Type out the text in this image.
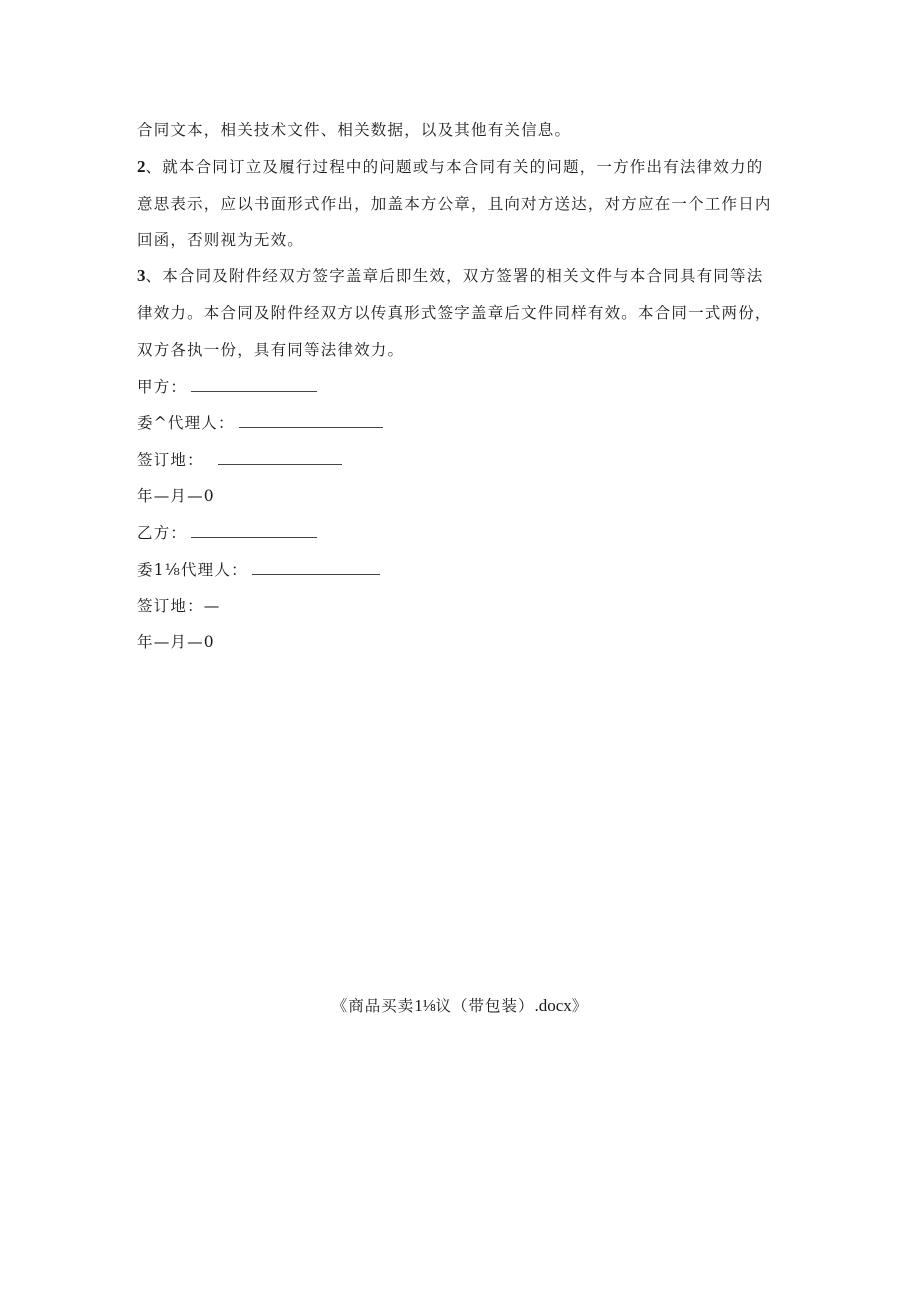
合同文本，相关技术文件、相关数据，以及其他有关信息。
2、就本合同订立及履行过程中的问题或与本合同有关的问题，一方作出有法律效力的
意思表示，应以书面形式作出，加盖本方公章，且向对方送达，对方应在一个工作日内
回函，否则视为无效。
3、本合同及附件经双方签字盖章后即生效，双方签署的相关文件与本合同具有同等法
律效力。本合同及附件经双方以传真形式签字盖章后文件同样有效。本合同一式两份，
双方各执一份，具有同等法律效力。
甲方：
委^代理人：
签订地：
年—月—0
乙方：
委1⅛代理人：
签订地：—
年—月—0
《商品买卖1⅛议（带包装）.docx》
